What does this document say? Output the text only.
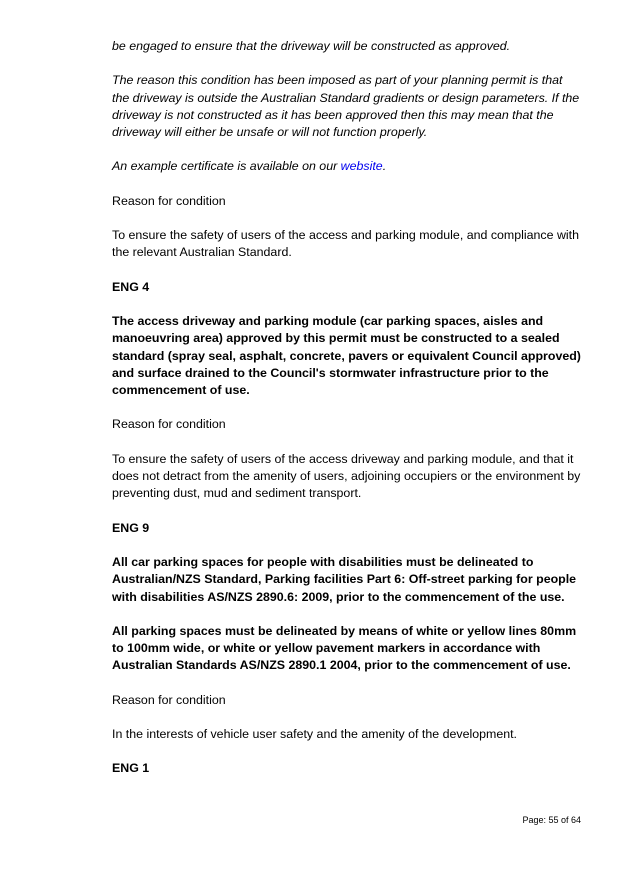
be engaged to ensure that the driveway will be constructed as approved.

The reason this condition has been imposed as part of your planning permit is that the driveway is outside the Australian Standard gradients or design parameters. If the driveway is not constructed as it has been approved then this may mean that the driveway will either be unsafe or will not function properly.

An example certificate is available on our website.

Reason for condition

To ensure the safety of users of the access and parking module, and compliance with the relevant Australian Standard.

ENG 4

The access driveway and parking module (car parking spaces, aisles and manoeuvring area) approved by this permit must be constructed to a sealed standard (spray seal, asphalt, concrete, pavers or equivalent Council approved) and surface drained to the Council's stormwater infrastructure prior to the commencement of use.

Reason for condition

To ensure the safety of users of the access driveway and parking module, and that it does not detract from the amenity of users, adjoining occupiers or the environment by preventing dust, mud and sediment transport.

ENG 9

All car parking spaces for people with disabilities must be delineated to Australian/NZS Standard, Parking facilities Part 6: Off-street parking for people with disabilities AS/NZS 2890.6: 2009, prior to the commencement of the use.

All parking spaces must be delineated by means of white or yellow lines 80mm to 100mm wide, or white or yellow pavement markers in accordance with Australian Standards AS/NZS 2890.1 2004, prior to the commencement of use.

Reason for condition

In the interests of vehicle user safety and the amenity of the development.

ENG 1

Page: 55 of 64
